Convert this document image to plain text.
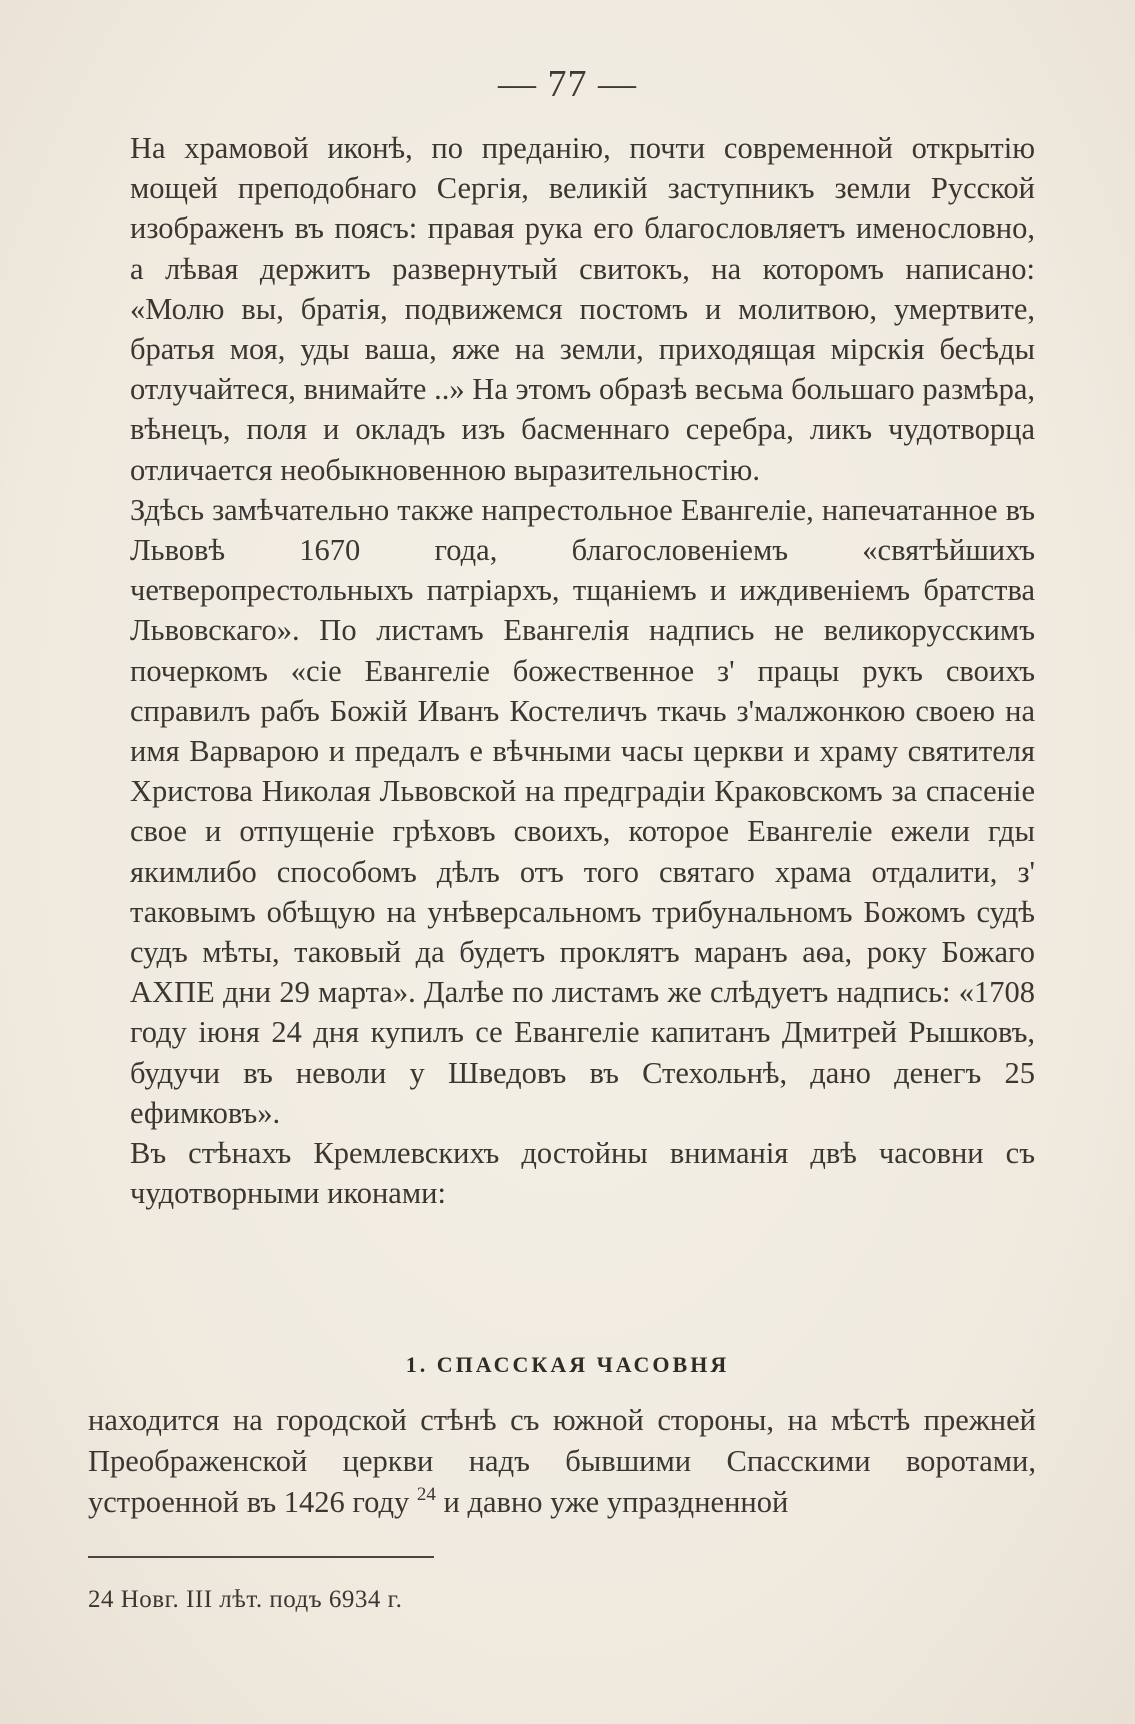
— 77 —

На храмовой иконѣ, по преданію, почти современной открытію мощей преподобнаго Сергія, великій заступникъ земли Русской изображенъ въ поясъ: правая рука его благословляетъ именословно, а лѣвая держитъ развернутый свитокъ, на которомъ написано: «Молю вы, братія, подвижемся постомъ и молитвою, умертвите, братья моя, уды ваша, яже на земли, приходящая мірскія бесѣды отлучайтеся, внимайте ..» На этомъ образѣ весьма большаго размѣра, вѣнецъ, поля и окладъ изъ басменнаго серебра, ликъ чудотворца отличается необыкновенною выразительностію.

Здѣсь замѣчательно также напрестольное Евангеліе, напечатанное въ Львовѣ 1670 года, благословеніемъ «святѣйшихъ четверопрестольныхъ патріархъ, тщаніемъ и иждивеніемъ братства Львовскаго». По листамъ Евангелія надпись не великорусскимъ почеркомъ «сіе Евангеліе божественное з' працы рукъ своихъ справилъ рабъ Божій Иванъ Костеличъ ткачь з'малжонкою своею на имя Варварою и предалъ е вѣчными часы церкви и храму святителя Христова Николая Львовской на предградіи Краковскомъ за спасеніе свое и отпущеніе грѣховъ своихъ, которое Евангеліе ежели гды якимлибо способомъ дѣлъ отъ того святаго храма отдалити, з' таковымъ обѣщую на унѣверсальномъ трибунальномъ Божомъ судѣ судъ мѣты, таковый да будетъ проклятъ маранъ аѳа, року Божаго АХПЕ дни 29 марта». Далѣе по листамъ же слѣдуетъ надпись: «1708 году іюня 24 дня купилъ се Евангеліе капитанъ Дмитрей Рышковъ, будучи въ неволи у Шведовъ въ Стехольнѣ, дано денегъ 25 ефимковъ».

Въ стѣнахъ Кремлевскихъ достойны вниманія двѣ часовни съ чудотворными иконами:

1. СПАССКАЯ ЧАСОВНЯ

находится на городской стѣнѣ съ южной стороны, на мѣстѣ прежней Преображенской церкви надъ бывшими Спасскими воротами, устроенной въ 1426 году $^{24}$ и давно уже упраздненной

24 Новг. III лѣт. подъ 6934 г.
